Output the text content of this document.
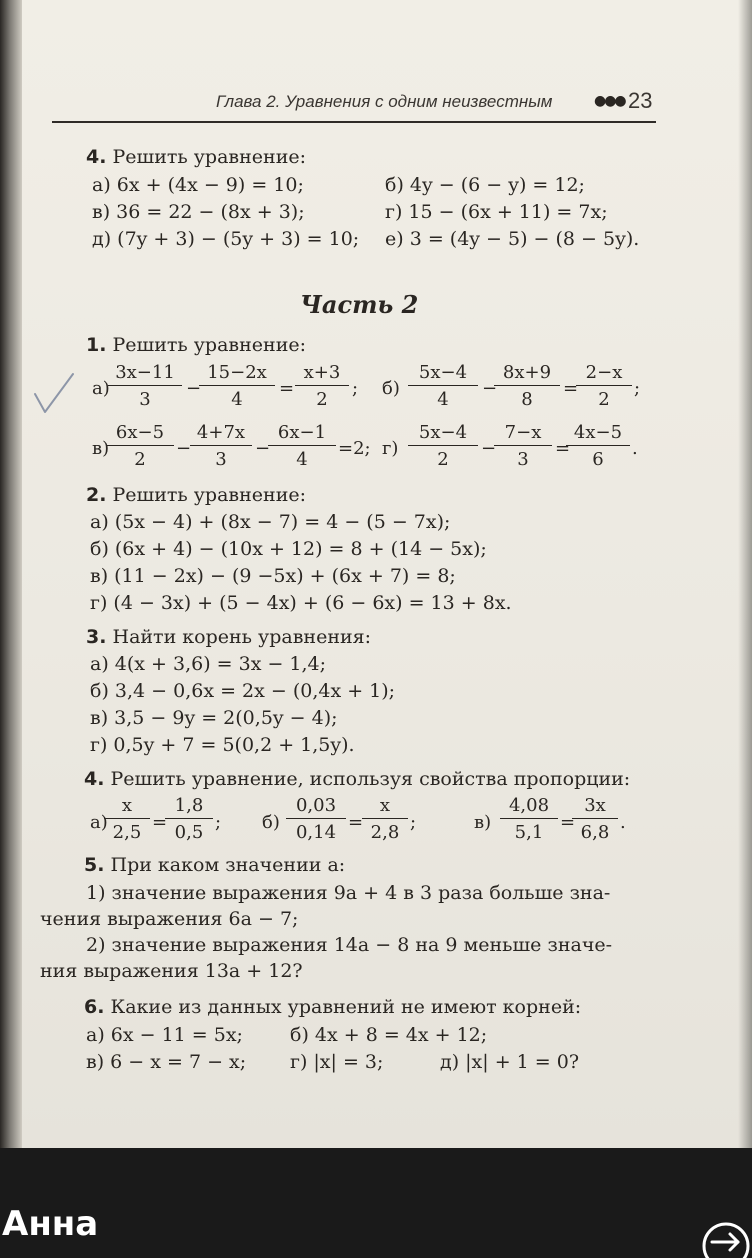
Глава 2. Уравнения с одним неизвестным	●●● 23
4. Решить уравнение:
а) 6x + (4x − 9) = 10;	б) 4y − (6 − y) = 12;
в) 36 = 22 − (8x + 3);	г) 15 − (6x + 11) = 7x;
д) (7y + 3) − (5y + 3) = 10; е) 3 = (4y − 5) − (8 − 5y).
Часть 2
1. Решить уравнение:
а)
3x−11
3
−
15−2x
4
=
x+3
2
; б)
5x−4
4
−
8x+9
8
=
2−x
2
;
в)
6x−5
2
−
4+7x
3
−
6x−1
4
=2; г)
5x−4
2
−
7−x
3
=
4x−5
6
.
2. Решить уравнение:
а) (5x − 4) + (8x − 7) = 4 − (5 − 7x);
б) (6x + 4) − (10x + 12) = 8 + (14 − 5x);
в) (11 − 2x) − (9 −5x) + (6x + 7) = 8;
г) (4 − 3x) + (5 − 4x) + (6 − 6x) = 13 + 8x.
3. Найти корень уравнения:
а) 4(x + 3,6) = 3x − 1,4;
б) 3,4 − 0,6x = 2x − (0,4x + 1);
в) 3,5 − 9y = 2(0,5y − 4);
г) 0,5y + 7 = 5(0,2 + 1,5y).
4. Решить уравнение, используя свойства пропорции:
а)
x
2,5 =
1,8
0,5 ; б)
0,03
0,14 =
x
2,8 ;	в)
4,08
5,1 =
3x
6,8 .
5. При каком значении a:
1) значение выражения 9a + 4 в 3 раза больше зна-
чения выражения 6a − 7;
2) значение выражения 14a − 8 на 9 меньше значе-
ния выражения 13a + 12?
6. Какие из данных уравнений не имеют корней:
а) 6x − 11 = 5x; б) 4x + 8 = 4x + 12;
в) 6 − x = 7 − x; г) |x| = 3;	д) |x| + 1 = 0?
Анна
